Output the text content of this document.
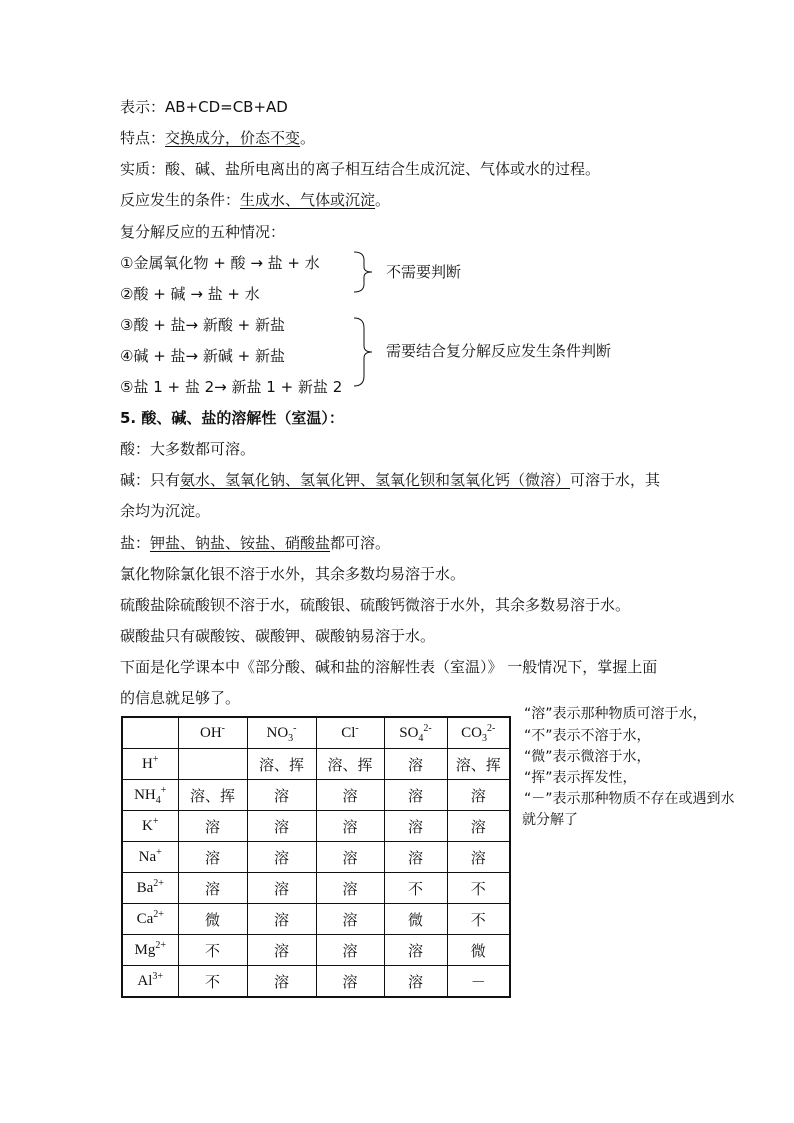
表示：AB+CD=CB+AD
特点：交换成分，价态不变。
实质：酸、碱、盐所电离出的离子相互结合生成沉淀、气体或水的过程。
反应发生的条件：生成水、气体或沉淀。
复分解反应的五种情况：
①金属氧化物 + 酸 → 盐 + 水
②酸 + 碱 → 盐 + 水
③酸 + 盐→ 新酸 + 新盐
④碱 + 盐→ 新碱 + 新盐
⑤盐 1 + 盐 2→ 新盐 1 + 新盐 2
不需要判断
需要结合复分解反应发生条件判断
5. 酸、碱、盐的溶解性（室温）：
酸：大多数都可溶。
碱：只有氨水、氢氧化钠、氢氧化钾、氢氧化钡和氢氧化钙（微溶）可溶于水，其
余均为沉淀。
盐：钾盐、钠盐、铵盐、硝酸盐都可溶。
氯化物除氯化银不溶于水外，其余多数均易溶于水。
硫酸盐除硫酸钡不溶于水，硫酸银、硫酸钙微溶于水外，其余多数易溶于水。
碳酸盐只有碳酸铵、碳酸钾、碳酸钠易溶于水。
下面是化学课本中《部分酸、碱和盐的溶解性表（室温）》 一般情况下，掌握上面
的信息就足够了。
	OH-	$NO_3^-$	Cl-	$SO_4^{2-}$	$CO_3^{2-}$
H+		溶、挥	溶、挥	溶	溶、挥
$NH_4^+$	溶、挥	溶	溶	溶	溶
K+	溶	溶	溶	溶	溶
Na+	溶	溶	溶	溶	溶
$Ba^{2+}$	溶	溶	溶	不	不
$Ca^{2+}$	微	溶	溶	微	不
$Mg^{2+}$	不	溶	溶	溶	微
$Al^{3+}$	不	溶	溶	溶	－
“溶”表示那种物质可溶于水，
“不”表示不溶于水，
“微”表示微溶于水，
“挥”表示挥发性，
“－”表示那种物质不存在或遇到水
就分解了
